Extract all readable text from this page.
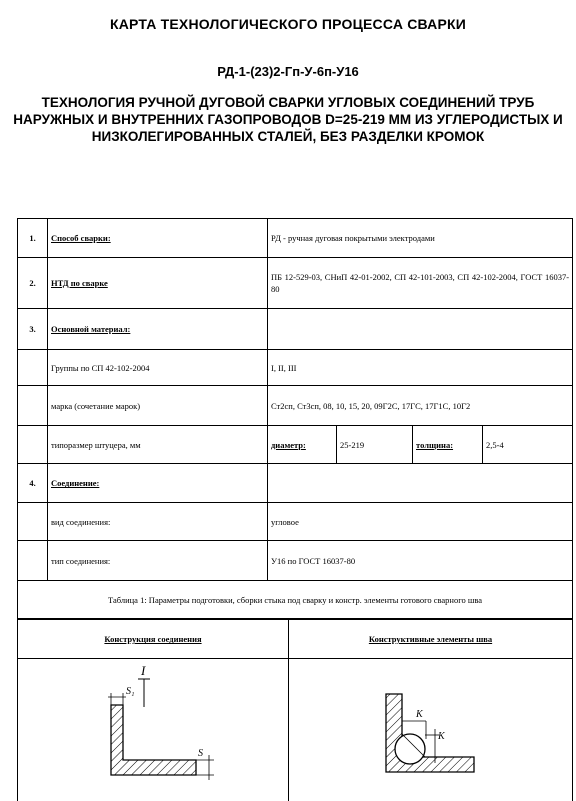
КАРТА ТЕХНОЛОГИЧЕСКОГО ПРОЦЕССА СВАРКИ
РД-1-(23)2-Гп-У-6п-У16
ТЕХНОЛОГИЯ РУЧНОЙ ДУГОВОЙ СВАРКИ УГЛОВЫХ СОЕДИНЕНИЙ ТРУБ НАРУЖНЫХ И ВНУТРЕННИХ ГАЗОПРОВОДОВ D=25-219 ММ ИЗ УГЛЕРОДИСТЫХ И НИЗКОЛЕГИРОВАННЫХ СТАЛЕЙ, БЕЗ РАЗДЕЛКИ КРОМОК
1.	Способ сварки:	РД - ручная дуговая покрытыми электродами			
2.	НТД по сварке	ПБ 12-529-03, СНиП 42-01-2002, СП 42-101-2003, СП 42-102-2004, ГОСТ 16037-80			
3.	Основной материал:				
	Группы по СП 42-102-2004	I, II, III			
	марка (сочетание марок)	Ст2сп, Ст3сп, 08, 10, 15, 20, 09Г2С, 17ГС, 17Г1С, 10Г2			
	типоразмер штуцера, мм	диаметр:	25-219	толщина:	2,5-4
4.	Соединение:				
	вид соединения:	угловое			
	тип соединения:	У16 по ГОСТ 16037-80			
Таблица 1: Параметры подготовки, сборки стыка под сварку и констр. элементы готового сварного шва					
Конструкция соединения	Конструктивные элементы шва

I
S₁
S	K
K
